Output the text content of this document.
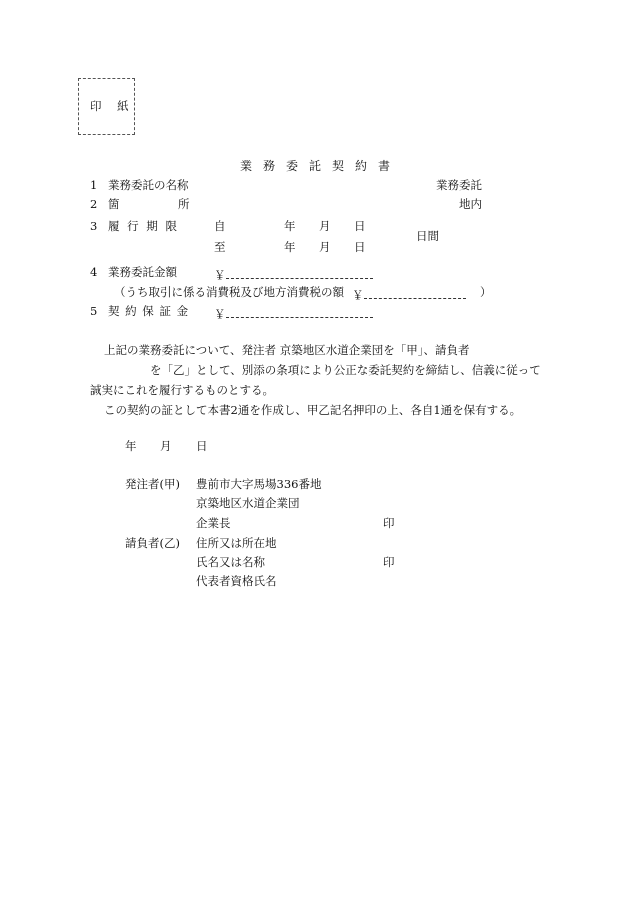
印 紙
業務委託契約書
1 業務委託の名称	業務委託
2 箇	所	地内
3 履 行 期 限	自	年 月 日
日間
至	年 月 日
4 業務委託金額	￥
（うち取引に係る消費税及び地方消費税の額 ￥	）
5 契 約 保 証 金 ￥
上記の業務委託について、発注者 京築地区水道企業団を「甲」、請負者
を「乙」として、別添の条項により公正な委託契約を締結し、信義に従って
誠実にこれを履行するものとする。
この契約の証として本書2通を作成し、甲乙記名押印の上、各自1通を保有する。
年 月 日
発注者(甲) 豊前市大字馬場336番地
京築地区水道企業団
企業長	印
請負者(乙) 住所又は所在地
氏名又は名称	印
代表者資格氏名
